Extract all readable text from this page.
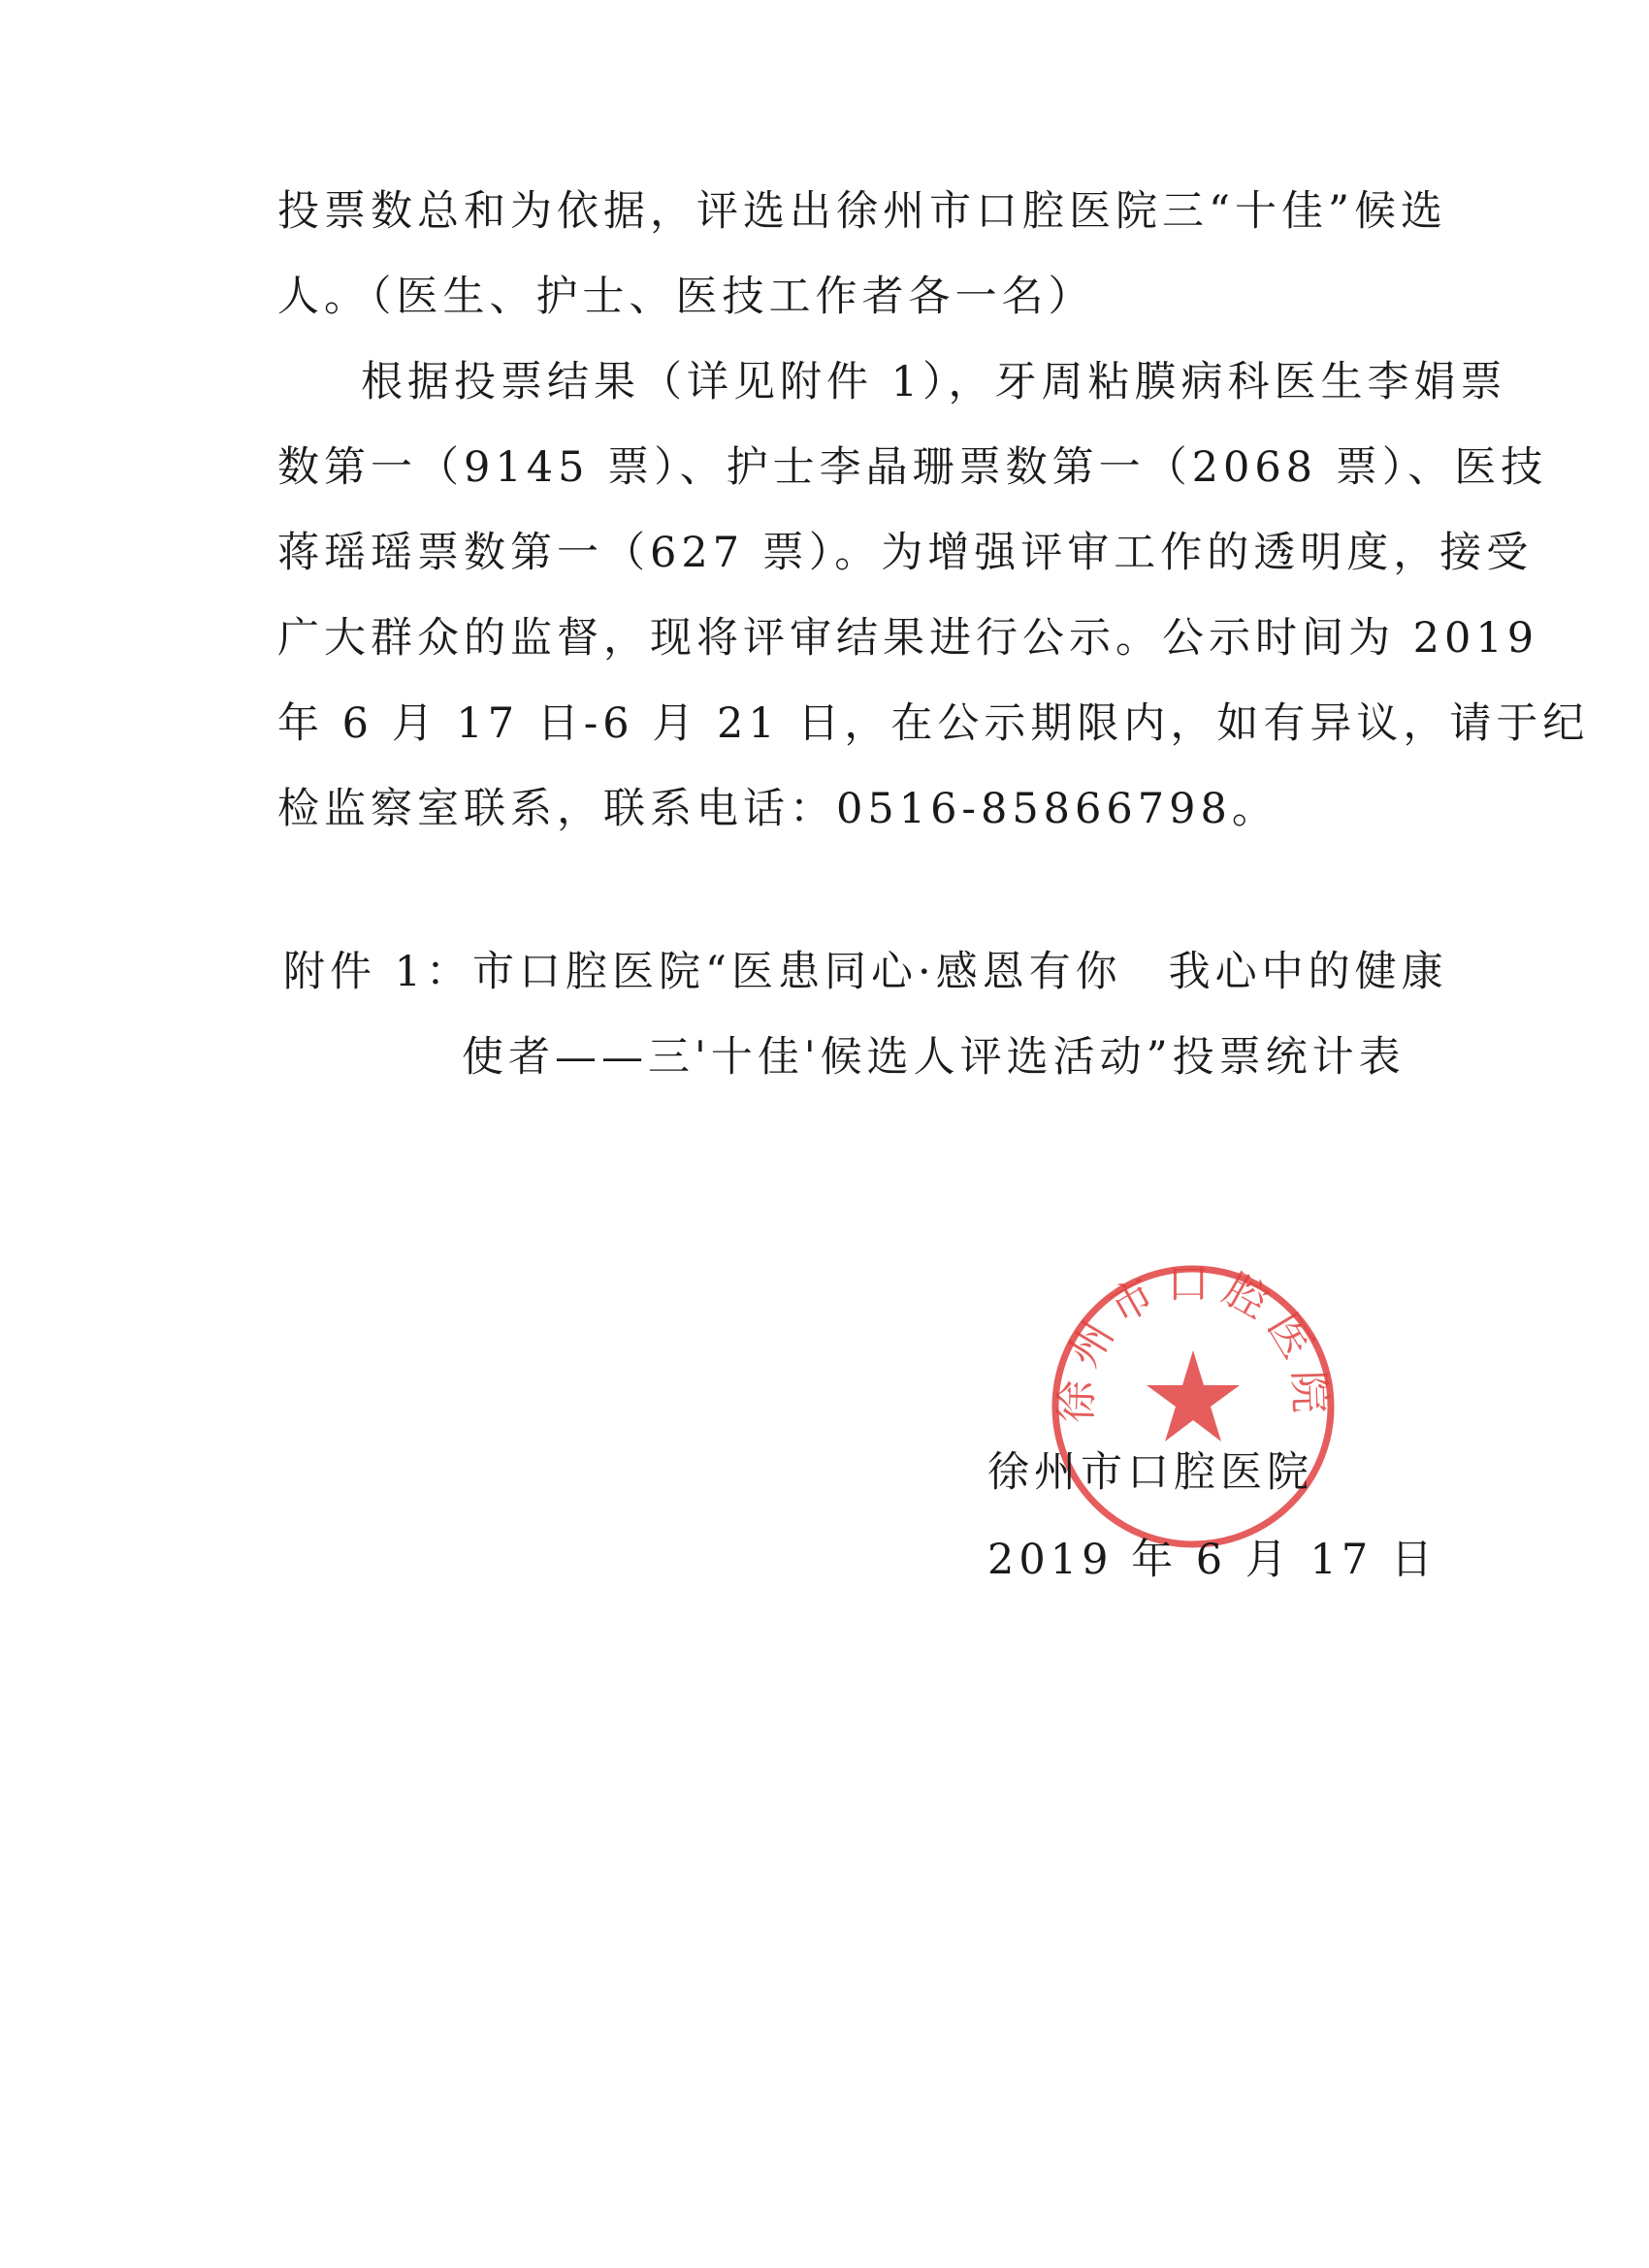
投票数总和为依据，评选出徐州市口腔医院三“十佳”候选
人。（医生、护士、医技工作者各一名）
根据投票结果（详见附件 1），牙周粘膜病科医生李娟票
数第一（9145 票）、护士李晶珊票数第一（2068 票）、医技
蒋瑶瑶票数第一（627 票）。为增强评审工作的透明度，接受
广大群众的监督，现将评审结果进行公示。公示时间为 2019
年 6 月 17 日-6 月 21 日，在公示期限内，如有异议，请于纪
检监察室联系，联系电话：0516-85866798。
附件 1：市口腔医院“医患同心·感恩有你　我心中的健康
使者——三'十佳'候选人评选活动”投票统计表
徐州市口腔医院
徐州市口腔医院
2019 年 6 月 17 日
